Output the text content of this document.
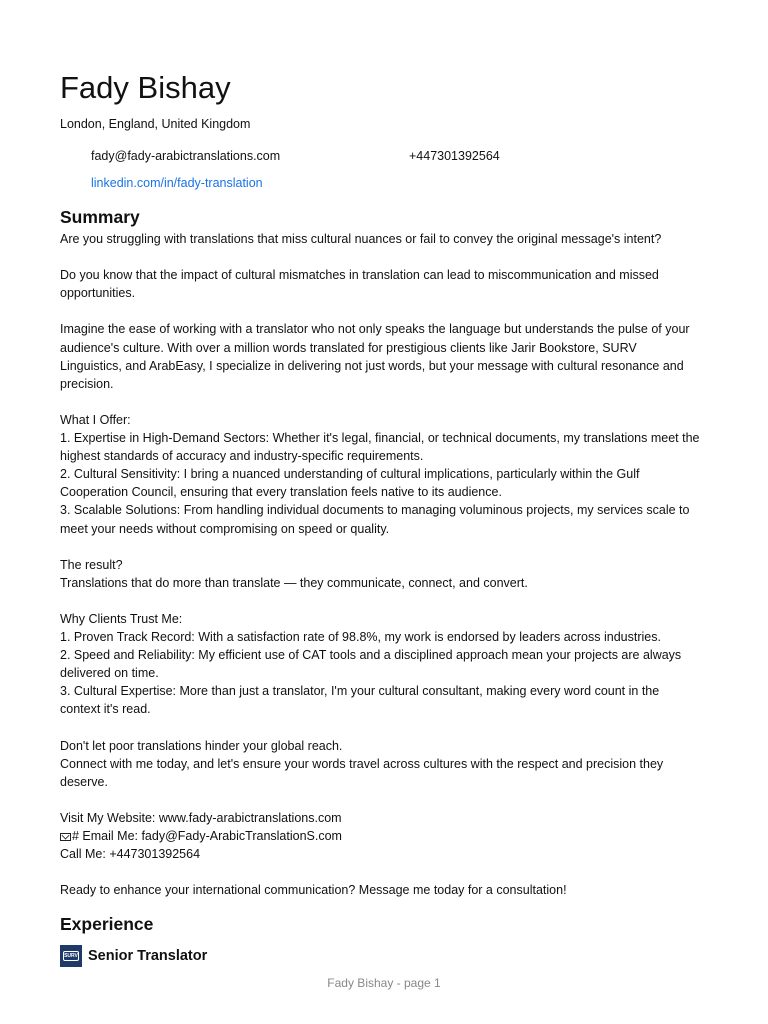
Fady Bishay
London, England, United Kingdom
fady@fady-arabictranslations.com	+447301392564
linkedin.com/in/fady-translation
Summary

Are you struggling with translations that miss cultural nuances or fail to convey the original message's intent?

Do you know that the impact of cultural mismatches in translation can lead to miscommunication and missed opportunities.

Imagine the ease of working with a translator who not only speaks the language but understands the pulse of your audience's culture. With over a million words translated for prestigious clients like Jarir Bookstore, SURV Linguistics, and ArabEasy, I specialize in delivering not just words, but your message with cultural resonance and precision.

What I Offer:
1. Expertise in High-Demand Sectors: Whether it's legal, financial, or technical documents, my translations meet the highest standards of accuracy and industry-specific requirements.
2. Cultural Sensitivity: I bring a nuanced understanding of cultural implications, particularly within the Gulf Cooperation Council, ensuring that every translation feels native to its audience.
3. Scalable Solutions: From handling individual documents to managing voluminous projects, my services scale to meet your needs without compromising on speed or quality.

The result?
Translations that do more than translate — they communicate, connect, and convert.

Why Clients Trust Me:
1. Proven Track Record: With a satisfaction rate of 98.8%, my work is endorsed by leaders across industries.
2. Speed and Reliability: My efficient use of CAT tools and a disciplined approach mean your projects are always delivered on time.
3. Cultural Expertise: More than just a translator, I'm your cultural consultant, making every word count in the context it's read.

Don't let poor translations hinder your global reach.
Connect with me today, and let's ensure your words travel across cultures with the respect and precision they deserve.

Visit My Website: www.fady-arabictranslations.com
# Email Me: fady@Fady-ArabicTranslationS.com
Call Me: +447301392564

Ready to enhance your international communication? Message me today for a consultation!

Experience
SURV Senior Translator
Fady Bishay - page 1
